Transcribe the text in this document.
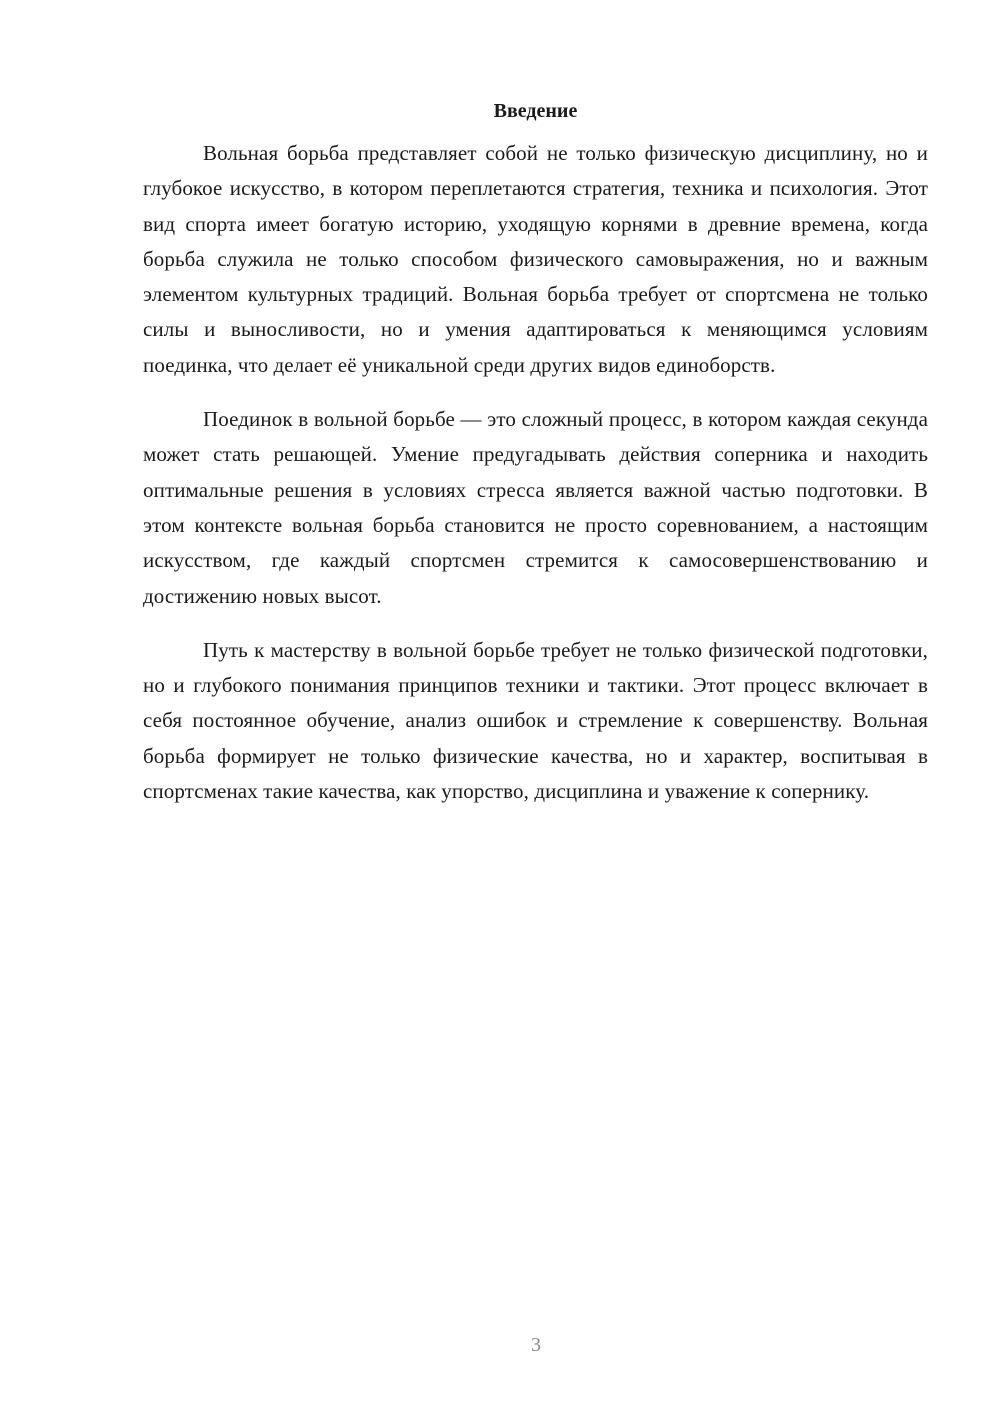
Введение

Вольная борьба представляет собой не только физическую дисциплину, но и глубокое искусство, в котором переплетаются стратегия, техника и психология. Этот вид спорта имеет богатую историю, уходящую корнями в древние времена, когда борьба служила не только способом физического самовыражения, но и важным элементом культурных традиций. Вольная борьба требует от спортсмена не только силы и выносливости, но и умения адаптироваться к меняющимся условиям поединка, что делает её уникальной среди других видов единоборств.

Поединок в вольной борьбе — это сложный процесс, в котором каждая секунда может стать решающей. Умение предугадывать действия соперника и находить оптимальные решения в условиях стресса является важной частью подготовки. В этом контексте вольная борьба становится не просто соревнованием, а настоящим искусством, где каждый спортсмен стремится к самосовершенствованию и достижению новых высот.

Путь к мастерству в вольной борьбе требует не только физической подготовки, но и глубокого понимания принципов техники и тактики. Этот процесс включает в себя постоянное обучение, анализ ошибок и стремление к совершенству. Вольная борьба формирует не только физические качества, но и характер, воспитывая в спортсменах такие качества, как упорство, дисциплина и уважение к сопернику.

3
